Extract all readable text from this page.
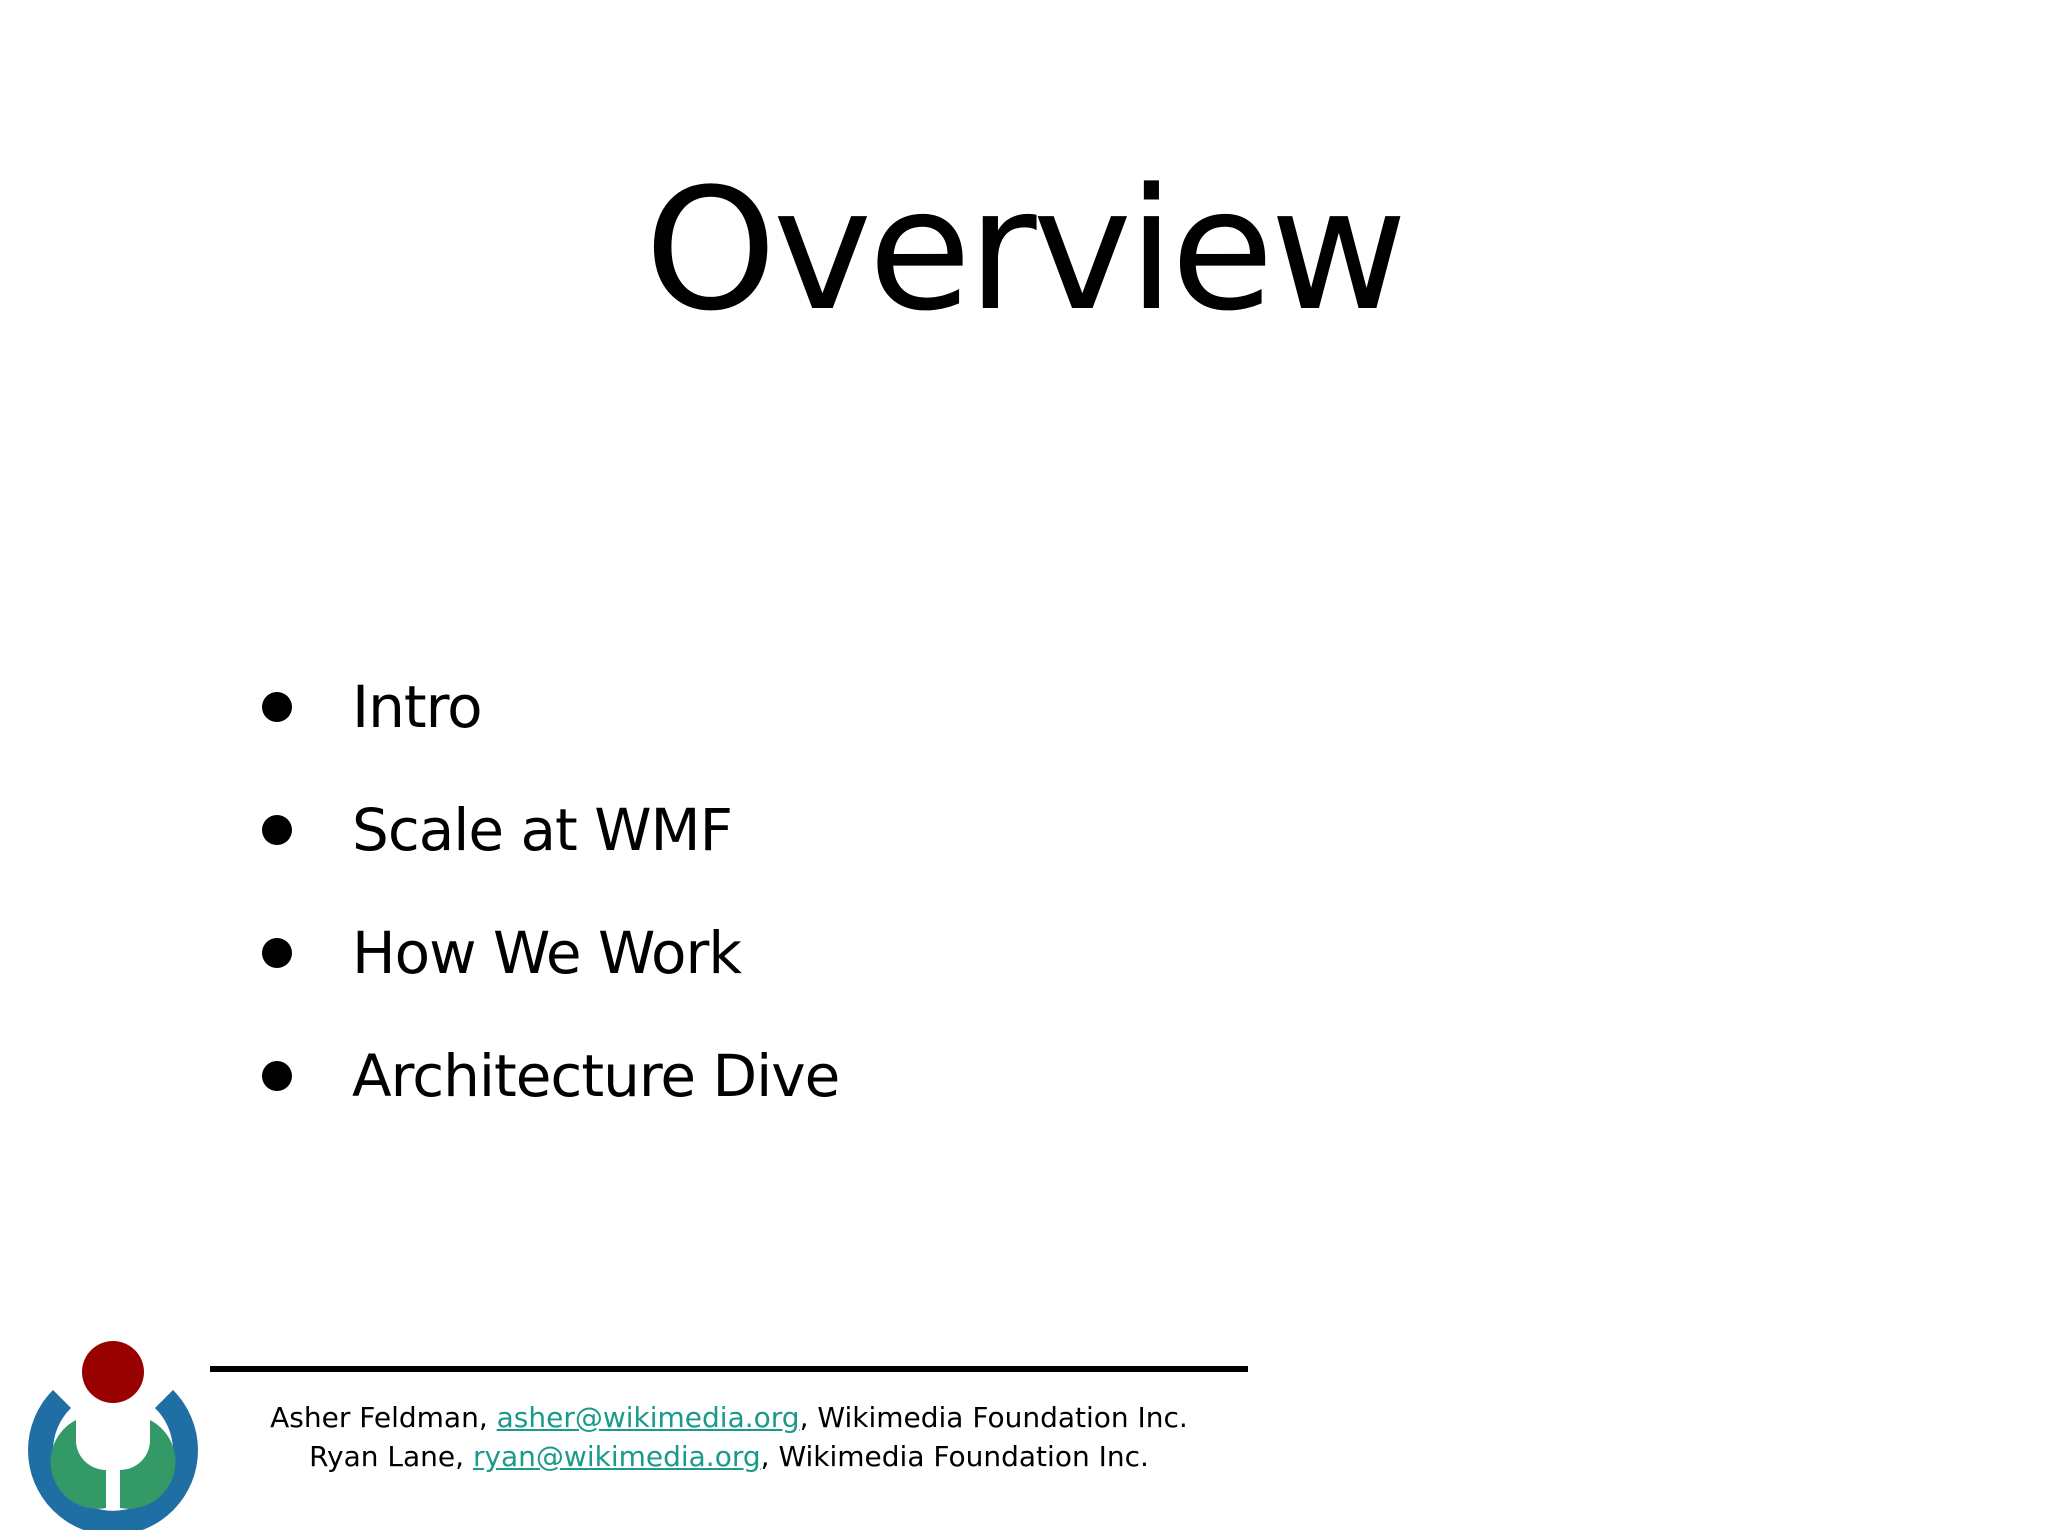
Overview
Intro
Scale at WMF
How We Work
Architecture Dive
Asher Feldman, asher@wikimedia.org, Wikimedia Foundation Inc.
Ryan Lane, ryan@wikimedia.org, Wikimedia Foundation Inc.
